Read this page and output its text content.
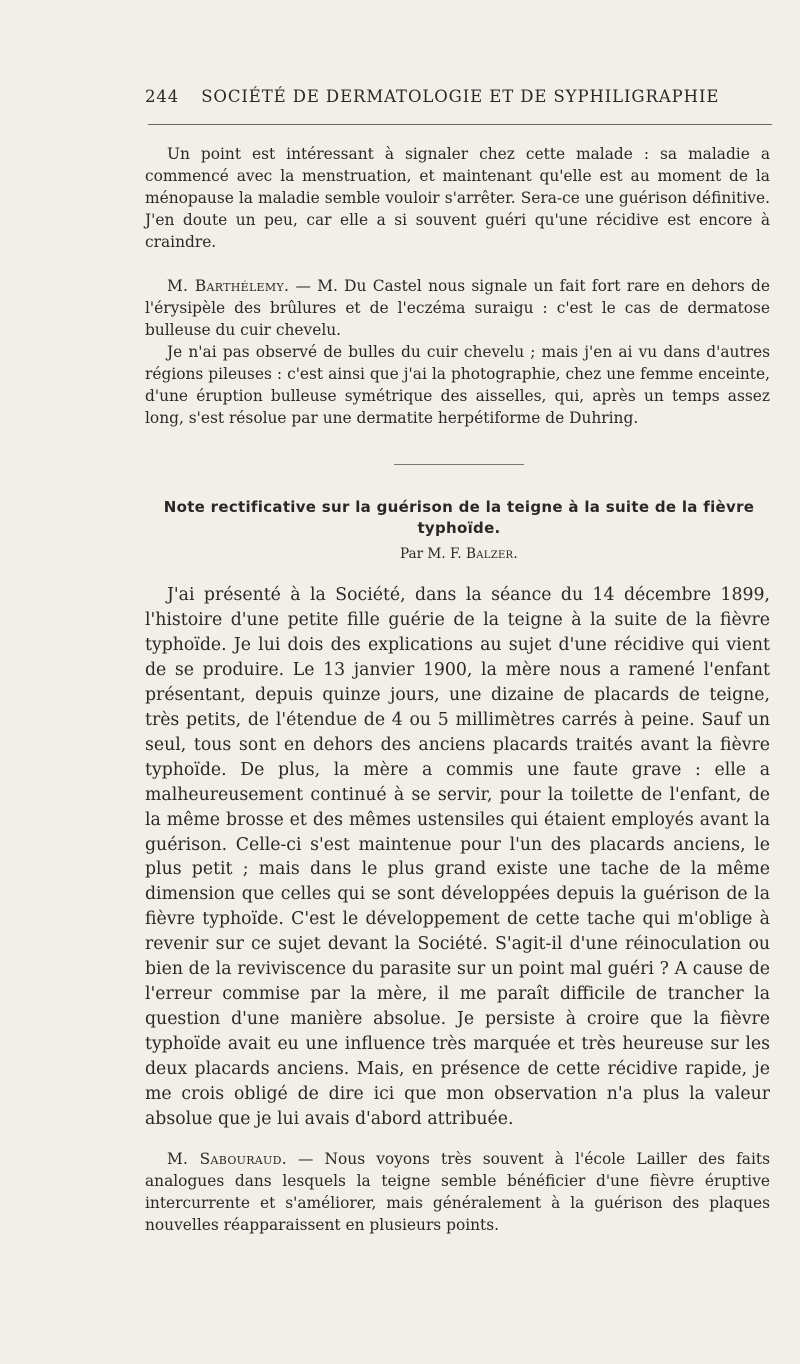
244 SOCIÉTÉ DE DERMATOLOGIE ET DE SYPHILIGRAPHIE

Un point est intéressant à signaler chez cette malade : sa maladie a commencé avec la menstruation, et maintenant qu'elle est au moment de la ménopause la maladie semble vouloir s'arrêter. Sera-ce une guérison définitive. J'en doute un peu, car elle a si souvent guéri qu'une récidive est encore à craindre.

M. Barthélemy. — M. Du Castel nous signale un fait fort rare en dehors de l'érysipèle des brûlures et de l'eczéma suraigu : c'est le cas de dermatose bulleuse du cuir chevelu.

Je n'ai pas observé de bulles du cuir chevelu ; mais j'en ai vu dans d'autres régions pileuses : c'est ainsi que j'ai la photographie, chez une femme enceinte, d'une éruption bulleuse symétrique des aisselles, qui, après un temps assez long, s'est résolue par une dermatite herpétiforme de Duhring.

Note rectificative sur la guérison de la teigne à la suite de la fièvre typhoïde.
Par M. F. Balzer.

J'ai présenté à la Société, dans la séance du 14 décembre 1899, l'histoire d'une petite fille guérie de la teigne à la suite de la fièvre typhoïde. Je lui dois des explications au sujet d'une récidive qui vient de se produire. Le 13 janvier 1900, la mère nous a ramené l'enfant présentant, depuis quinze jours, une dizaine de placards de teigne, très petits, de l'étendue de 4 ou 5 millimètres carrés à peine. Sauf un seul, tous sont en dehors des anciens placards traités avant la fièvre typhoïde. De plus, la mère a commis une faute grave : elle a malheureusement continué à se servir, pour la toilette de l'enfant, de la même brosse et des mêmes ustensiles qui étaient employés avant la guérison. Celle-ci s'est maintenue pour l'un des placards anciens, le plus petit ; mais dans le plus grand existe une tache de la même dimension que celles qui se sont développées depuis la guérison de la fièvre typhoïde. C'est le développement de cette tache qui m'oblige à revenir sur ce sujet devant la Société. S'agit-il d'une réinoculation ou bien de la reviviscence du parasite sur un point mal guéri ? A cause de l'erreur commise par la mère, il me paraît difficile de trancher la question d'une manière absolue. Je persiste à croire que la fièvre typhoïde avait eu une influence très marquée et très heureuse sur les deux placards anciens. Mais, en présence de cette récidive rapide, je me crois obligé de dire ici que mon observation n'a plus la valeur absolue que je lui avais d'abord attribuée.

M. Sabouraud. — Nous voyons très souvent à l'école Lailler des faits analogues dans lesquels la teigne semble bénéficier d'une fièvre éruptive intercurrente et s'améliorer, mais généralement à la guérison des plaques nouvelles réapparaissent en plusieurs points.
